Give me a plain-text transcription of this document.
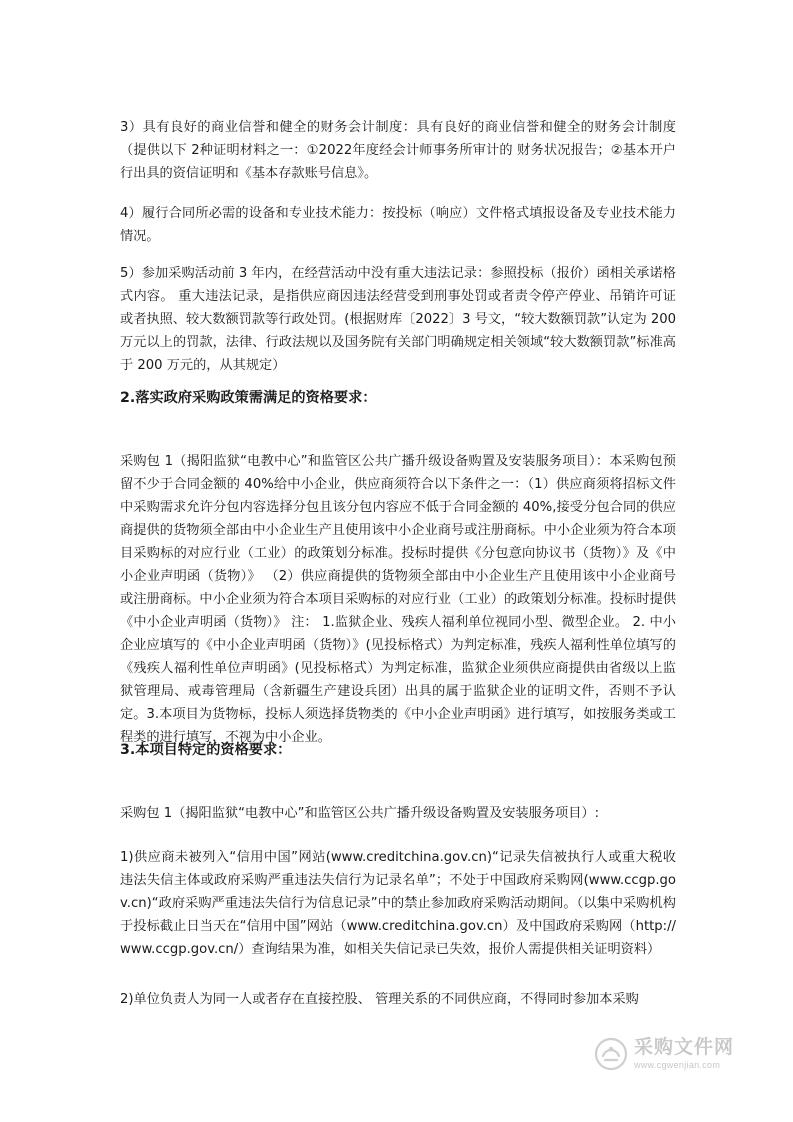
3）具有良好的商业信誉和健全的财务会计制度：具有良好的商业信誉和健全的财务会计制度（提供以下 2种证明材料之一：①2022年度经会计师事务所审计的 财务状况报告；②基本开户行出具的资信证明和《基本存款账号信息》。

4）履行合同所必需的设备和专业技术能力：按投标（响应）文件格式填报设备及专业技术能力情况。

5）参加采购活动前 3 年内，在经营活动中没有重大违法记录：参照投标（报价）函相关承诺格式内容。 重大违法记录，是指供应商因违法经营受到刑事处罚或者责令停产停业、吊销许可证或者执照、较大数额罚款等行政处罚。(根据财库〔2022〕3 号文，“较大数额罚款”认定为 200 万元以上的罚款，法律、行政法规以及国务院有关部门明确规定相关领域“较大数额罚款”标准高于 200 万元的，从其规定）

2.落实政府采购政策需满足的资格要求：

采购包 1（揭阳监狱“电教中心”和监管区公共广播升级设备购置及安装服务项目）：本采购包预留不少于合同金额的 40%给中小企业，供应商须符合以下条件之一：（1）供应商须将招标文件中采购需求允许分包内容选择分包且该分包内容应不低于合同金额的 40%,接受分包合同的供应商提供的货物须全部由中小企业生产且使用该中小企业商号或注册商标。中小企业须为符合本项目采购标的对应行业（工业）的政策划分标准。投标时提供《分包意向协议书（货物）》及《中小企业声明函（货物）》 （2）供应商提供的货物须全部由中小企业生产且使用该中小企业商号或注册商标。中小企业须为符合本项目采购标的对应行业（工业）的政策划分标准。投标时提供《中小企业声明函（货物）》 注： 1.监狱企业、残疾人福利单位视同小型、微型企业。 2. 中小企业应填写的《中小企业声明函（货物）》(见投标格式）为判定标准，残疾人福利性单位填写的《残疾人福利性单位声明函》(见投标格式）为判定标准，监狱企业须供应商提供由省级以上监狱管理局、戒毒管理局（含新疆生产建设兵团）出具的属于监狱企业的证明文件，否则不予认定。3.本项目为货物标，投标人须选择货物类的《中小企业声明函》进行填写，如按服务类或工程类的进行填写，不视为中小企业。

3.本项目特定的资格要求：

采购包 1（揭阳监狱“电教中心”和监管区公共广播升级设备购置及安装服务项目）:

1)供应商未被列入“信用中国”网站(www.creditchina.gov.cn)“记录失信被执行人或重大税收违法失信主体或政府采购严重违法失信行为记录名单”；不处于中国政府采购网(www.ccgp.gov.cn)“政府采购严重违法失信行为信息记录”中的禁止参加政府采购活动期间。（以集中采购机构于投标截止日当天在“信用中国”网站（www.creditchina.gov.cn）及中国政府采购网（http://www.ccgp.gov.cn/）查询结果为准，如相关失信记录已失效，报价人需提供相关证明资料）

2)单位负责人为同一人或者存在直接控股、 管理关系的不同供应商，不得同时参加本采购

采购文件网
www.cgwenjian.com
